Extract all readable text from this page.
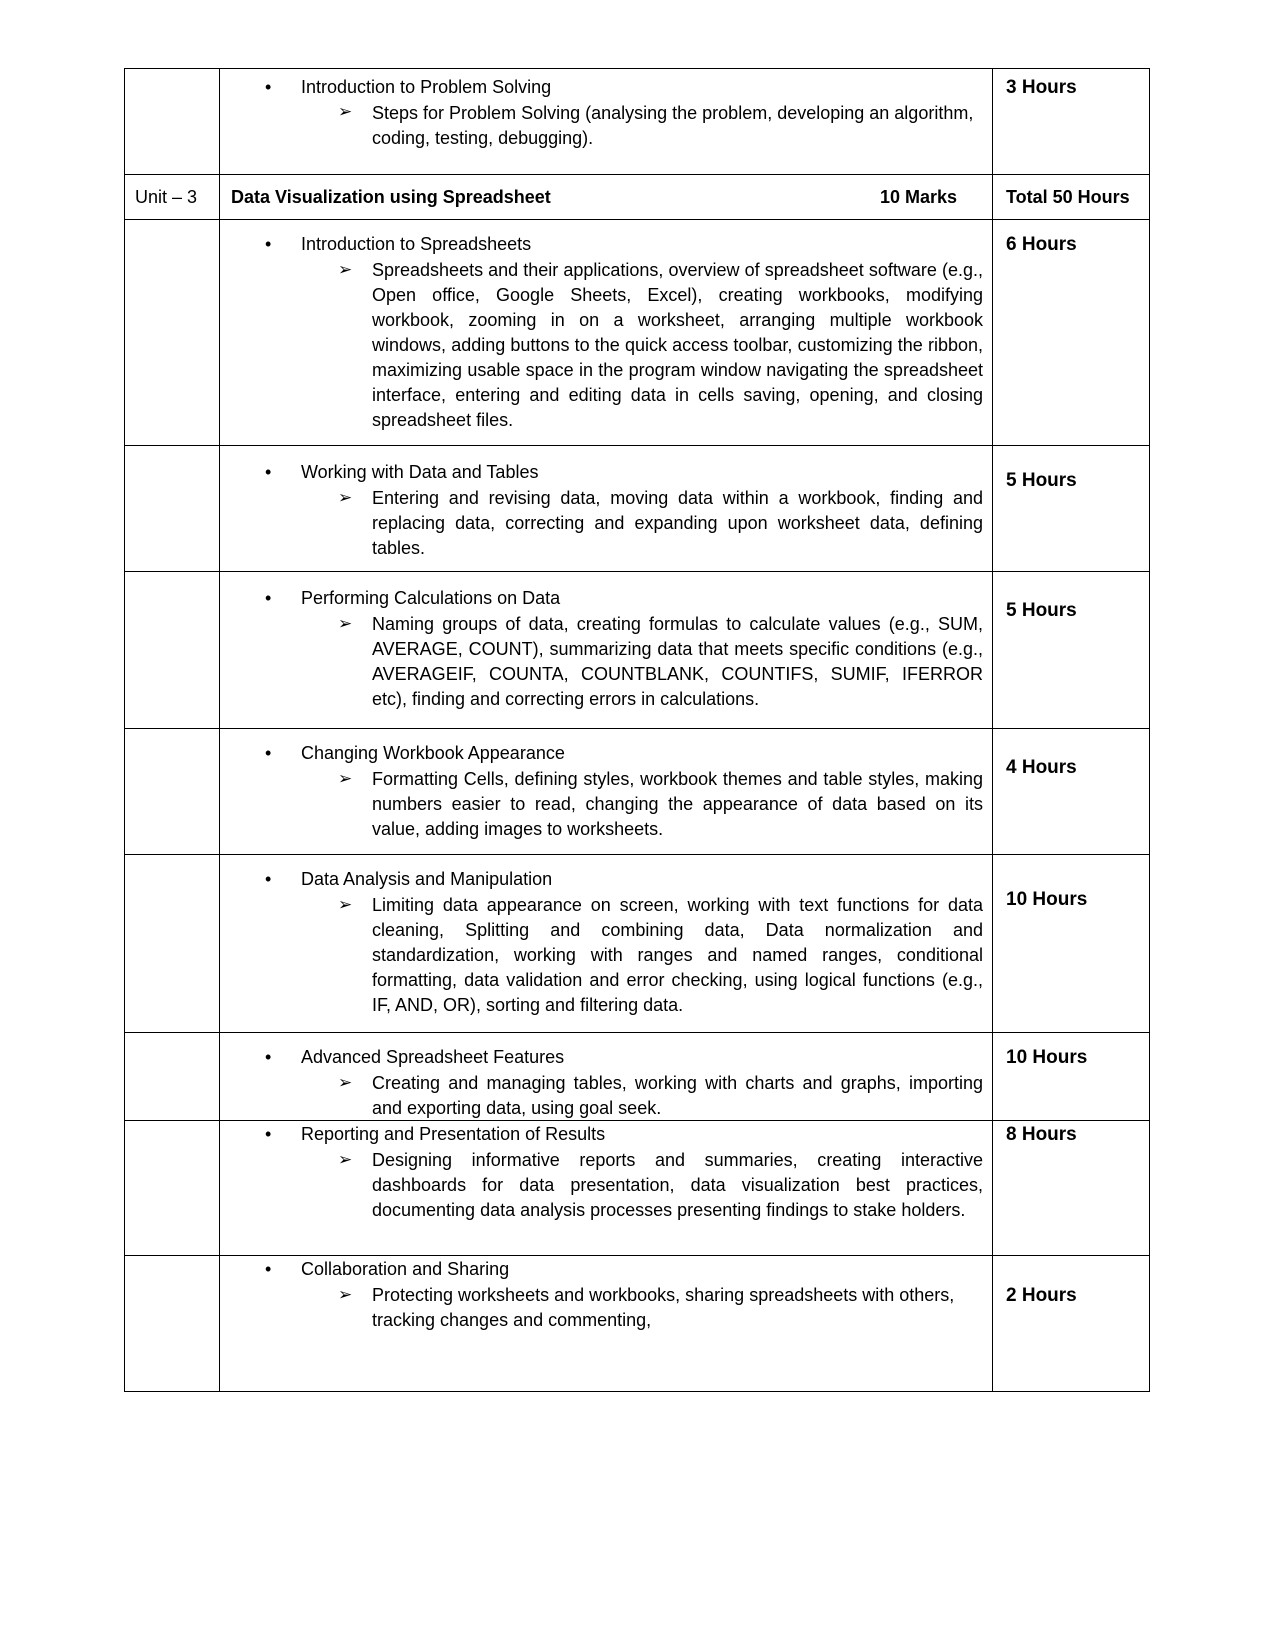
• Introduction to Problem Solving
➢ Steps for Problem Solving (analysing the problem, developing an algorithm, coding, testing, debugging).
3 Hours
Unit – 3 Data Visualization using Spreadsheet	10 Marks	Total 50 Hours
• Introduction to Spreadsheets
➢ Spreadsheets and their applications, overview of spreadsheet software (e.g., Open office, Google Sheets, Excel), creating workbooks, modifying workbook, zooming in on a worksheet, arranging multiple workbook windows, adding buttons to the quick access toolbar, customizing the ribbon, maximizing usable space in the program window navigating the spreadsheet interface, entering and editing data in cells saving, opening, and closing spreadsheet files.
6 Hours
• Working with Data and Tables
➢ Entering and revising data, moving data within a workbook, finding and replacing data, correcting and expanding upon worksheet data, defining tables.
5 Hours
• Performing Calculations on Data
➢ Naming groups of data, creating formulas to calculate values (e.g., SUM, AVERAGE, COUNT), summarizing data that meets specific conditions (e.g., AVERAGEIF, COUNTA, COUNTBLANK, COUNTIFS, SUMIF, IFERROR etc), finding and correcting errors in calculations.
5 Hours
• Changing Workbook Appearance
➢ Formatting Cells, defining styles, workbook themes and table styles, making numbers easier to read, changing the appearance of data based on its value, adding images to worksheets.
4 Hours
• Data Analysis and Manipulation
➢ Limiting data appearance on screen, working with text functions for data cleaning, Splitting and combining data, Data normalization and standardization, working with ranges and named ranges, conditional formatting, data validation and error checking, using logical functions (e.g., IF, AND, OR), sorting and filtering data.
10 Hours
• Advanced Spreadsheet Features
➢ Creating and managing tables, working with charts and graphs, importing and exporting data, using goal seek.
10 Hours
• Reporting and Presentation of Results
➢ Designing informative reports and summaries, creating interactive dashboards for data presentation, data visualization best practices, documenting data analysis processes presenting findings to stake holders.
8 Hours
• Collaboration and Sharing
➢ Protecting worksheets and workbooks, sharing spreadsheets with others, tracking changes and commenting,
2 Hours
